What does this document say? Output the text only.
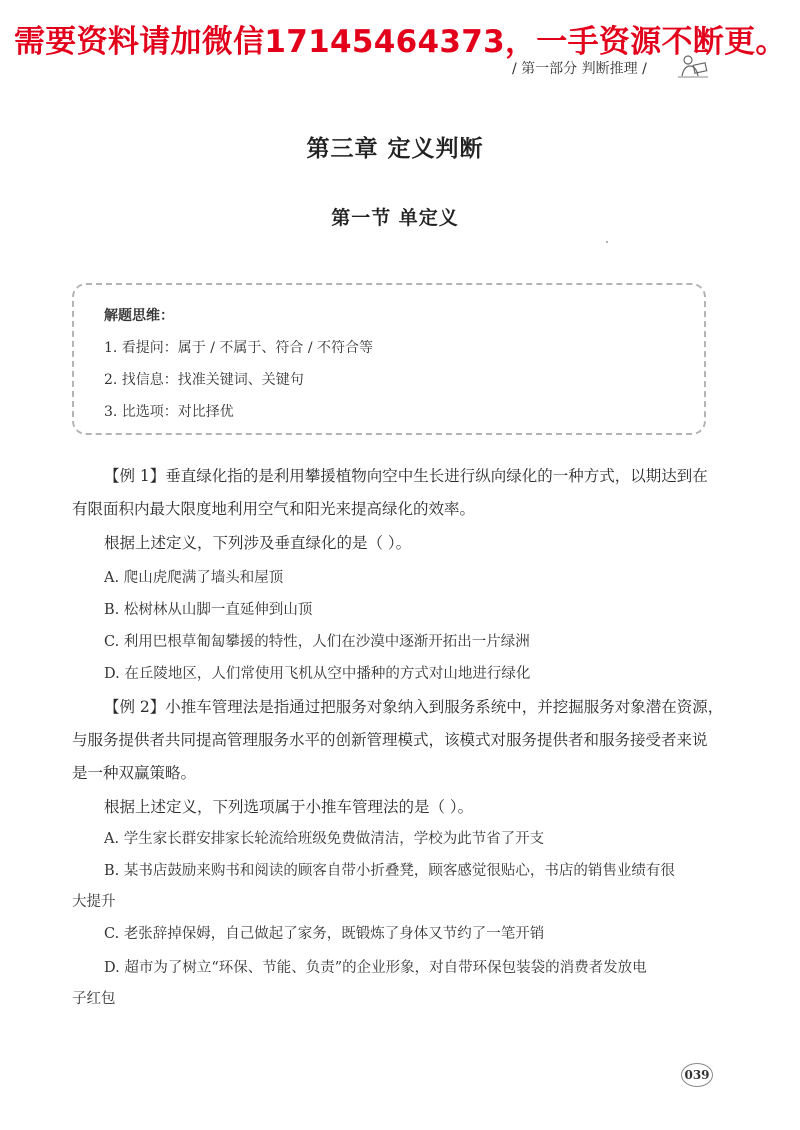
需要资料请加微信17145464373，一手资源不断更。
/ 第一部分 判断推理 /
第三章 定义判断
第一节 单定义
解题思维：
1. 看提问：属于 / 不属于、符合 / 不符合等
2. 找信息：找准关键词、关键句
3. 比选项：对比择优
【例 1】垂直绿化指的是利用攀援植物向空中生长进行纵向绿化的一种方式，以期达到在
有限面积内最大限度地利用空气和阳光来提高绿化的效率。
根据上述定义，下列涉及垂直绿化的是（ ）。
A. 爬山虎爬满了墙头和屋顶
B. 松树林从山脚一直延伸到山顶
C. 利用巴根草匍匐攀援的特性，人们在沙漠中逐渐开拓出一片绿洲
D. 在丘陵地区，人们常使用飞机从空中播种的方式对山地进行绿化
【例 2】小推车管理法是指通过把服务对象纳入到服务系统中，并挖掘服务对象潜在资源，
与服务提供者共同提高管理服务水平的创新管理模式，该模式对服务提供者和服务接受者来说
是一种双赢策略。
根据上述定义，下列选项属于小推车管理法的是（ ）。
A. 学生家长群安排家长轮流给班级免费做清洁，学校为此节省了开支
B. 某书店鼓励来购书和阅读的顾客自带小折叠凳，顾客感觉很贴心，书店的销售业绩有很
大提升
C. 老张辞掉保姆，自己做起了家务，既锻炼了身体又节约了一笔开销
D. 超市为了树立“环保、节能、负责”的企业形象，对自带环保包装袋的消费者发放电
子红包
039
